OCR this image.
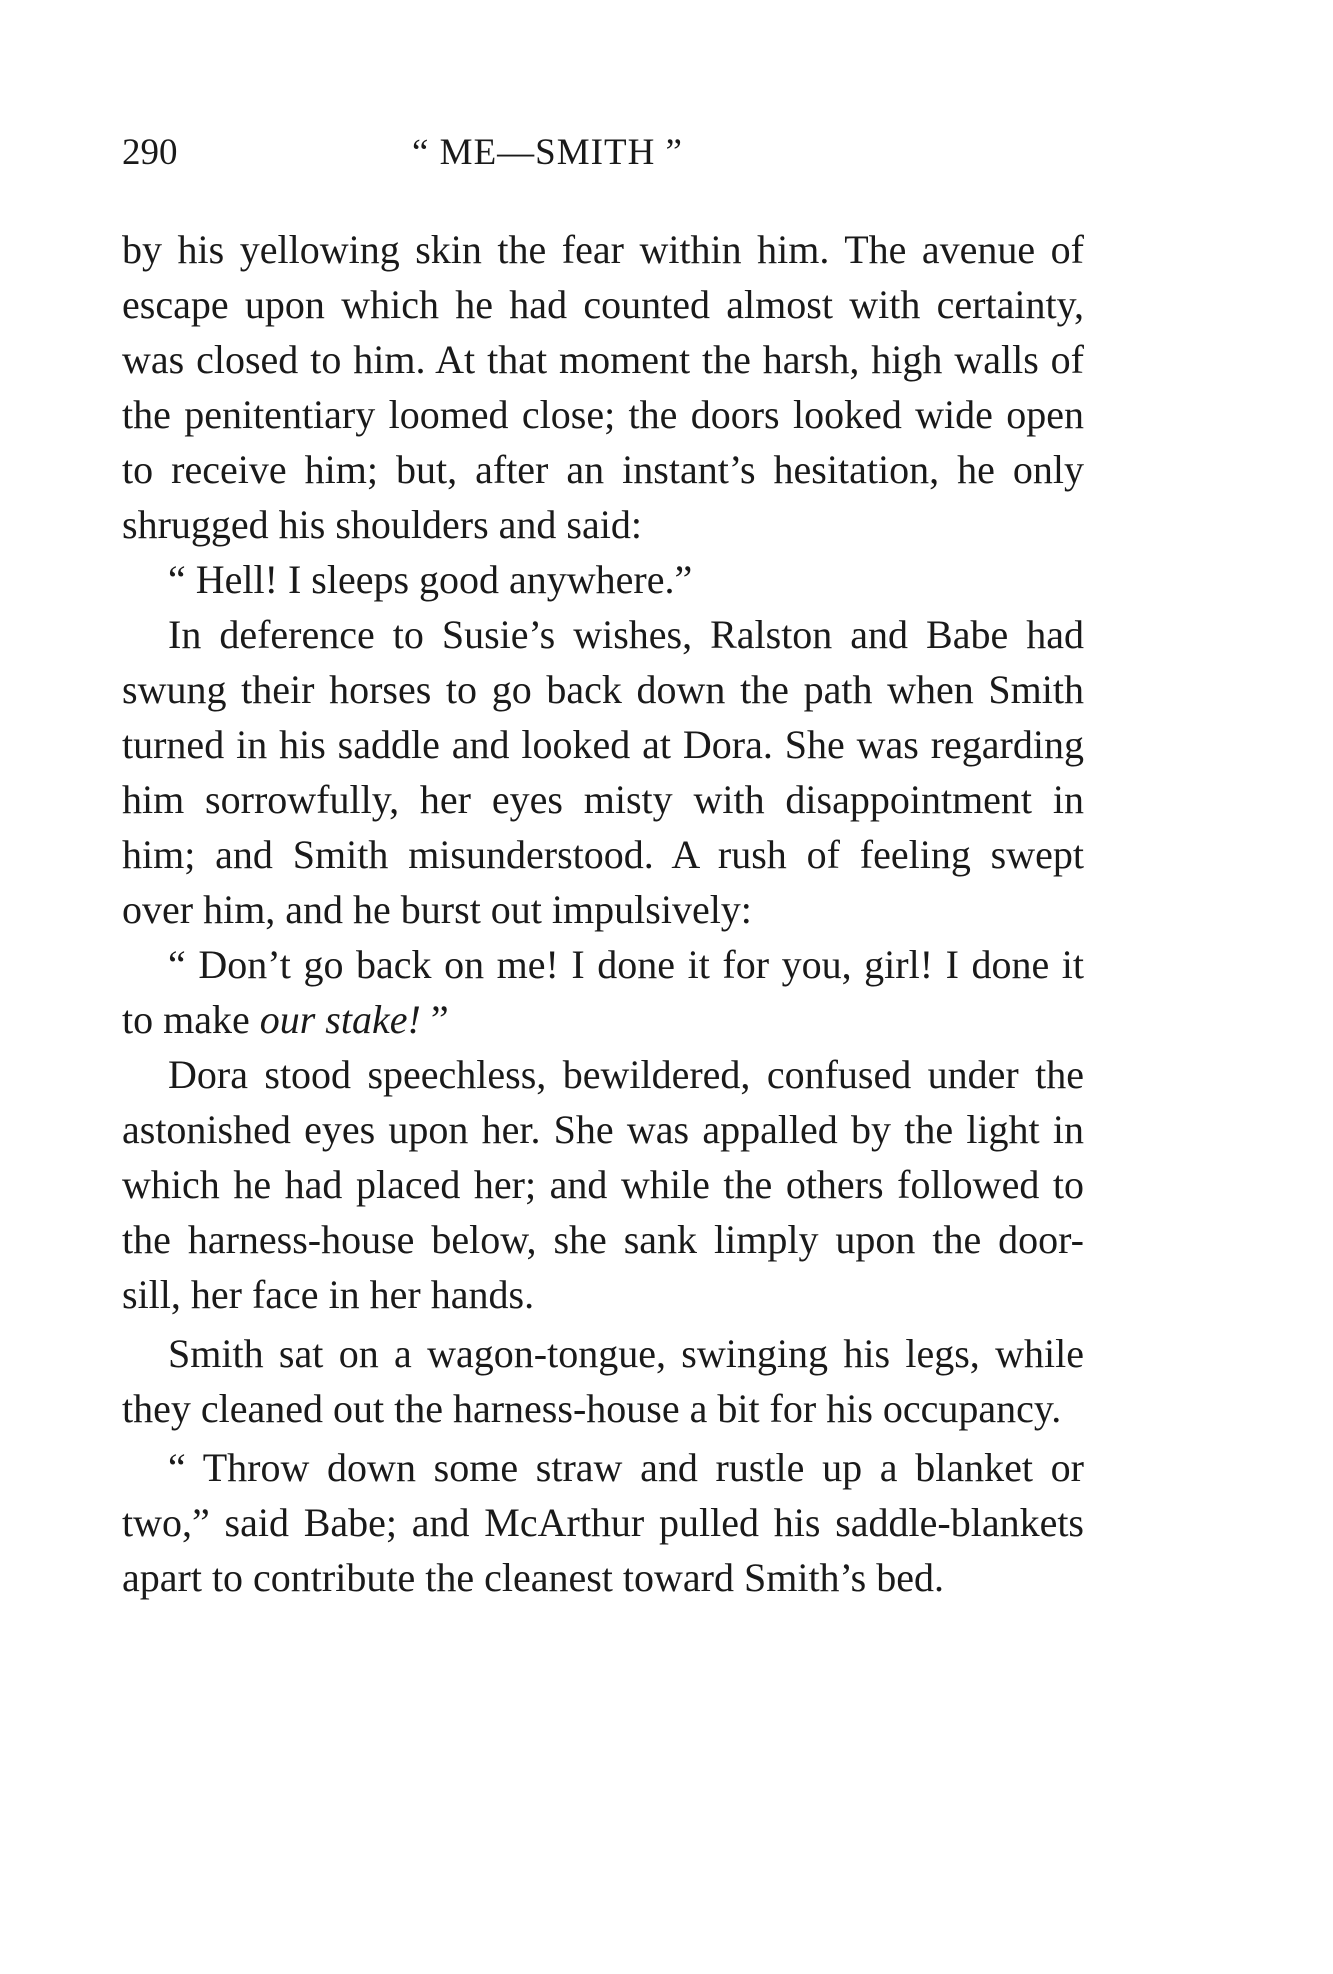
290	“ ME—SMITH ”

by his yellowing skin the fear within him. The avenue of escape upon which he had counted almost with certainty, was closed to him. At that moment the harsh, high walls of the penitentiary loomed close; the doors looked wide open to receive him; but, after an instant’s hesitation, he only shrugged his shoulders and said:

“ Hell! I sleeps good anywhere.”

In deference to Susie’s wishes, Ralston and Babe had swung their horses to go back down the path when Smith turned in his saddle and looked at Dora. She was regarding him sorrowfully, her eyes misty with disappointment in him; and Smith misunderstood. A rush of feeling swept over him, and he burst out impulsively:

“ Don’t go back on me! I done it for you, girl! I done it to make our stake! ”

Dora stood speechless, bewildered, confused under the astonished eyes upon her. She was appalled by the light in which he had placed her; and while the others followed to the harness-house below, she sank limply upon the door-sill, her face in her hands.

Smith sat on a wagon-tongue, swinging his legs, while they cleaned out the harness-house a bit for his occupancy.

“ Throw down some straw and rustle up a blanket or two,” said Babe; and McArthur pulled his saddle-blankets apart to contribute the cleanest toward Smith’s bed.
